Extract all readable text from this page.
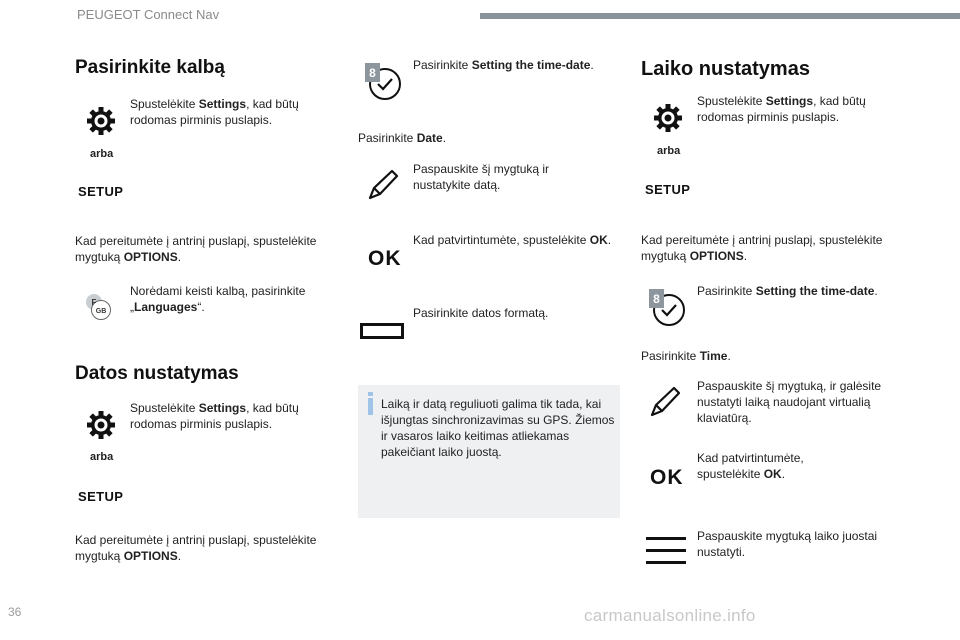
PEUGEOT Connect Nav
36	carmanualsonline.info
Pasirinkite kalbą
Spustelėkite Settings, kad būtų rodomas pirminis puslapis.
arba
SETUP
Kad pereitumėte į antrinį puslapį, spustelėkite mygtuką OPTIONS.
F
GB
Norėdami keisti kalbą, pasirinkite „Languages“.
Datos nustatymas
Spustelėkite Settings, kad būtų rodomas pirminis puslapis.
arba
SETUP
Kad pereitumėte į antrinį puslapį, spustelėkite mygtuką OPTIONS.
8
Pasirinkite Setting the time-date.
Pasirinkite Date.
Paspauskite šį mygtuką ir nustatykite datą.
OK
Kad patvirtintumėte, spustelėkite OK.
Pasirinkite datos formatą.
Laiką ir datą reguliuoti galima tik tada, kai išjungtas sinchronizavimas su GPS. Žiemos ir vasaros laiko keitimas atliekamas pakeičiant laiko juostą.
Laiko nustatymas
Spustelėkite Settings, kad būtų rodomas pirminis puslapis.
arba
SETUP
Kad pereitumėte į antrinį puslapį, spustelėkite mygtuką OPTIONS.
8
Pasirinkite Setting the time-date.
Pasirinkite Time.
Paspauskite šį mygtuką, ir galėsite nustatyti laiką naudojant virtualią klaviatūrą.
OK
Kad patvirtintumėte, spustelėkite OK.
Paspauskite mygtuką laiko juostai nustatyti.
